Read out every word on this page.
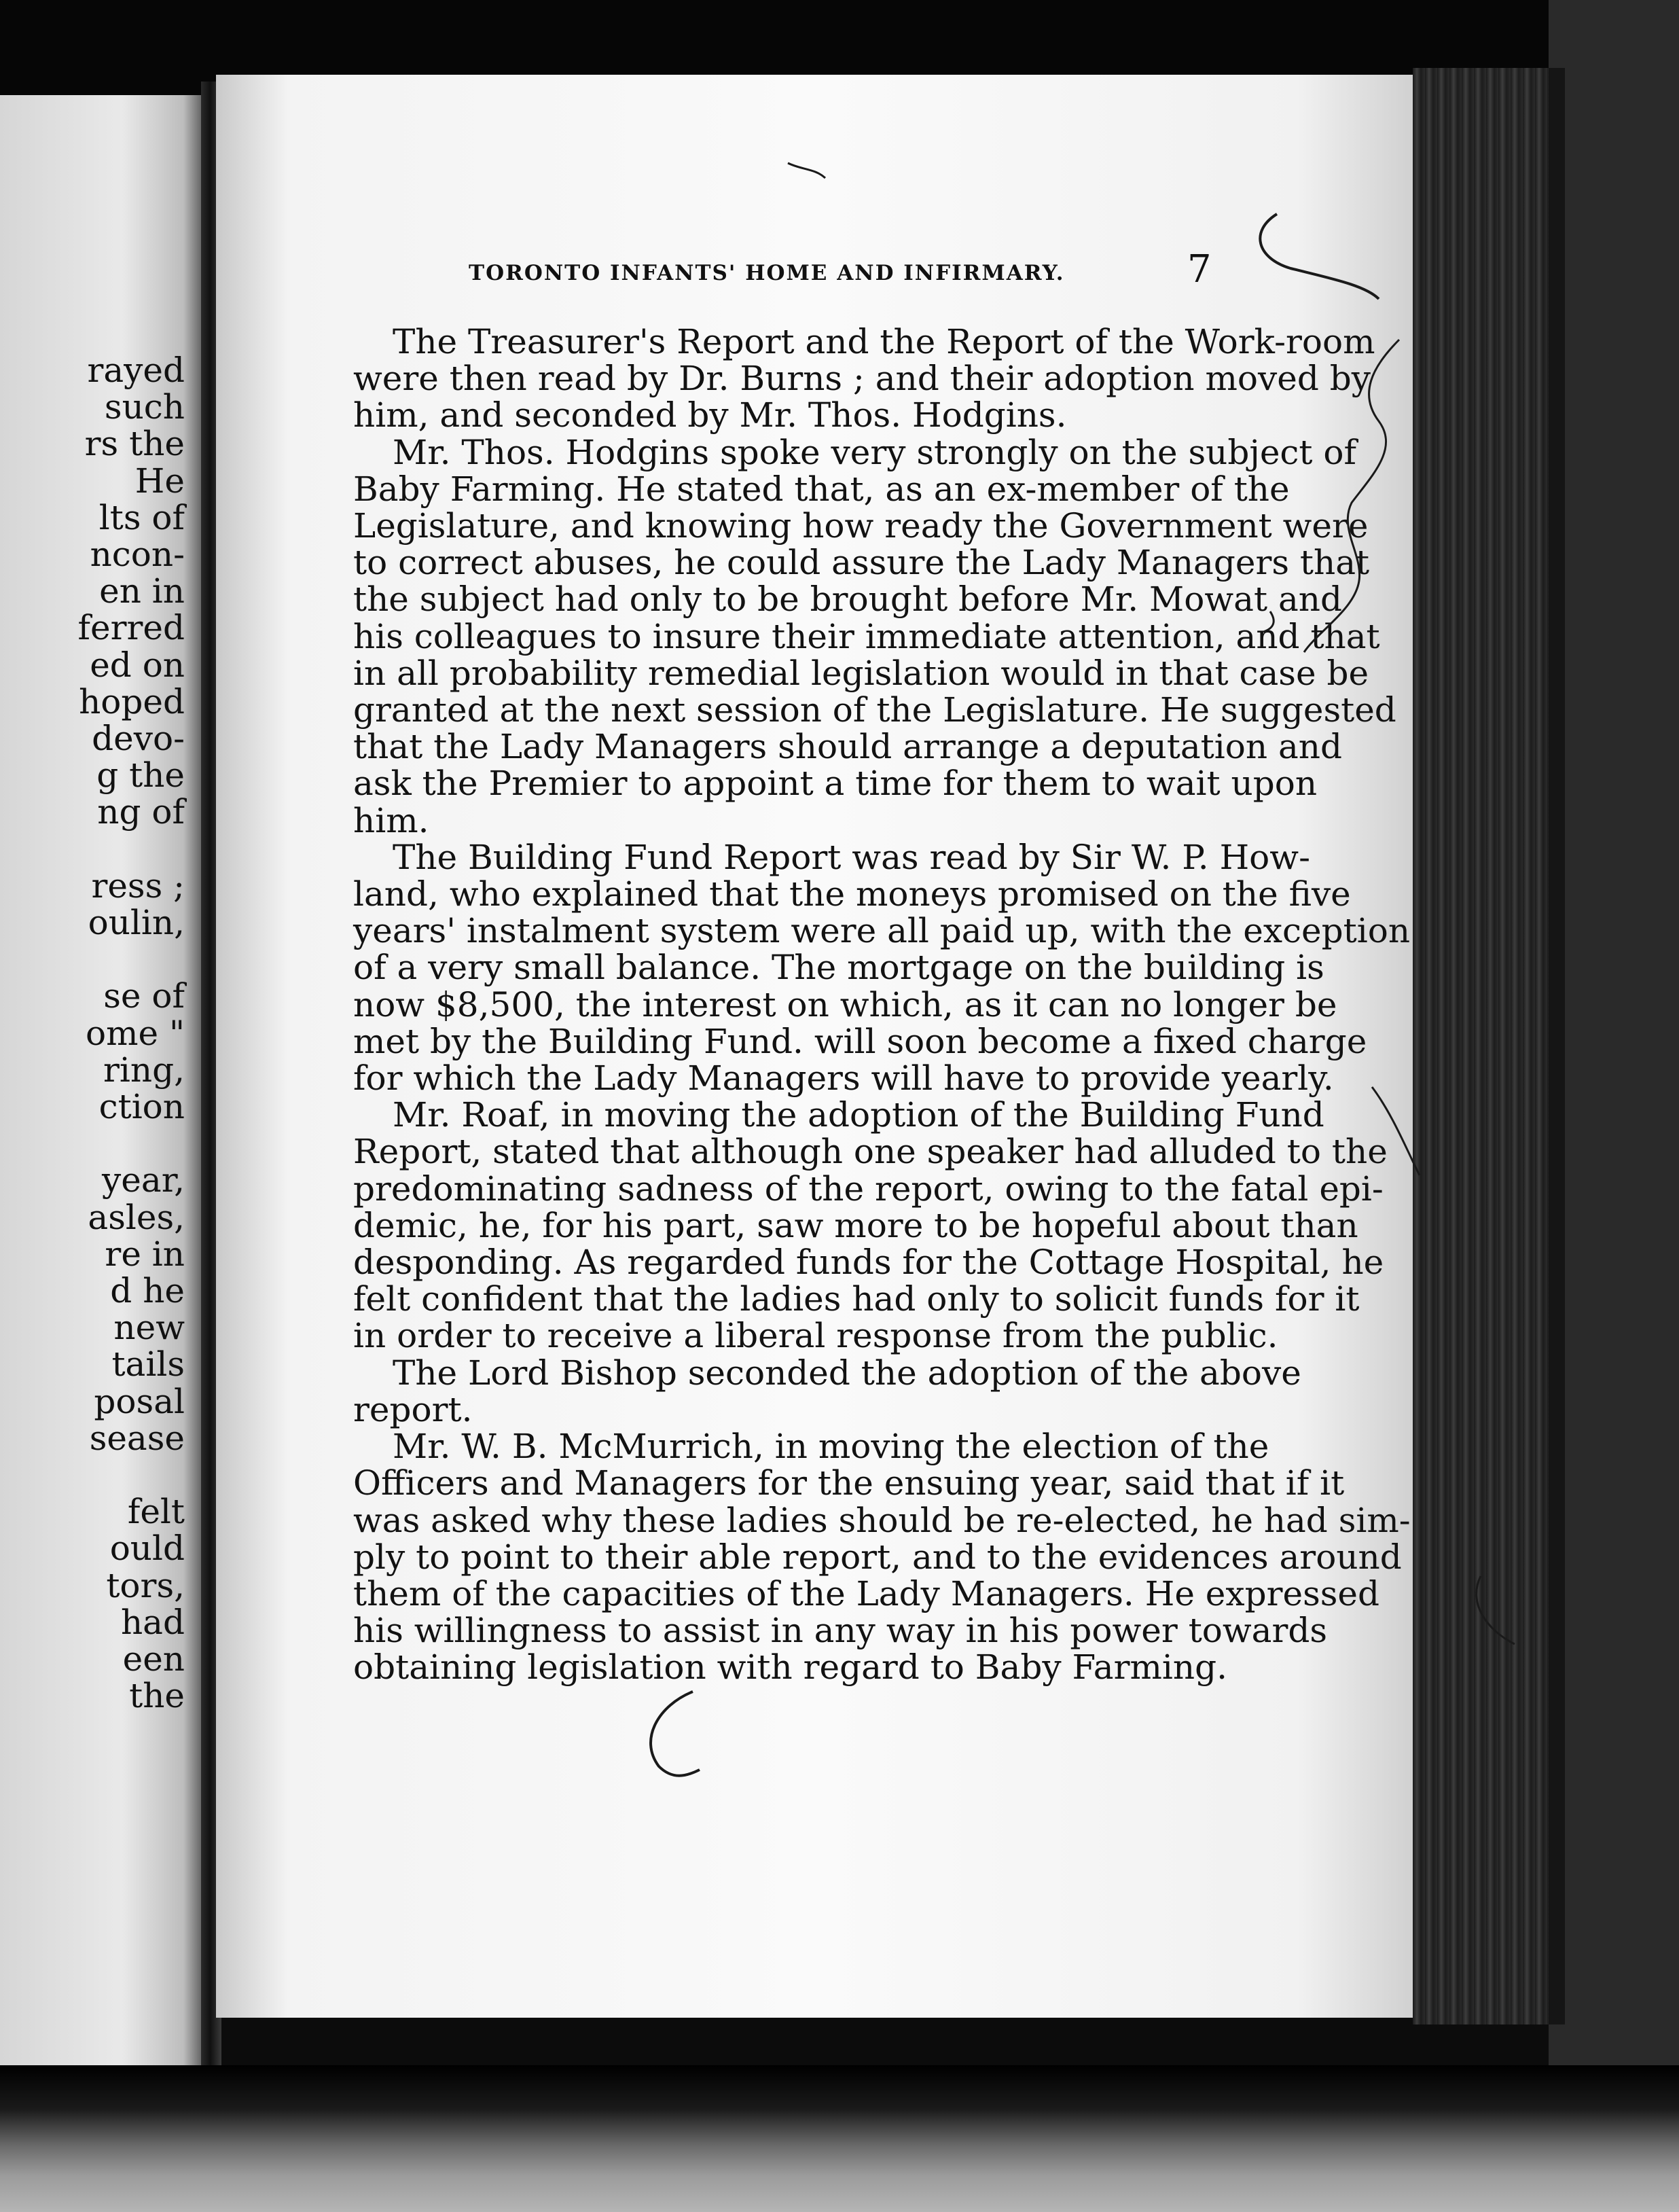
rayed
such
rs the
He
lts of
ncon-
en in
ferred
ed on
hoped
devo-
g the
ng of
ress ;
oulin,
se of
ome "
ring,
ction
year,
asles,
re in
d he
new
tails
posal
sease
felt
ould
tors,
had
een
the
TORONTO INFANTS' HOME AND INFIRMARY.	7

The Treasurer's Report and the Report of the Work-room
were then read by Dr. Burns ; and their adoption moved by
him, and seconded by Mr. Thos. Hodgins.

Mr. Thos. Hodgins spoke very strongly on the subject of
Baby Farming. He stated that, as an ex-member of the
Legislature, and knowing how ready the Government were
to correct abuses, he could assure the Lady Managers that
the subject had only to be brought before Mr. Mowat and
his colleagues to insure their immediate attention, and that
in all probability remedial legislation would in that case be
granted at the next session of the Legislature. He suggested
that the Lady Managers should arrange a deputation and
ask the Premier to appoint a time for them to wait upon
him.

The Building Fund Report was read by Sir W. P. How-
land, who explained that the moneys promised on the five
years' instalment system were all paid up, with the exception
of a very small balance. The mortgage on the building is
now $8,500, the interest on which, as it can no longer be
met by the Building Fund. will soon become a fixed charge
for which the Lady Managers will have to provide yearly.

Mr. Roaf, in moving the adoption of the Building Fund
Report, stated that although one speaker had alluded to the
predominating sadness of the report, owing to the fatal epi-
demic, he, for his part, saw more to be hopeful about than
desponding. As regarded funds for the Cottage Hospital, he
felt confident that the ladies had only to solicit funds for it
in order to receive a liberal response from the public.

The Lord Bishop seconded the adoption of the above
report.

Mr. W. B. McMurrich, in moving the election of the
Officers and Managers for the ensuing year, said that if it
was asked why these ladies should be re-elected, he had sim-
ply to point to their able report, and to the evidences around
them of the capacities of the Lady Managers. He expressed
his willingness to assist in any way in his power towards
obtaining legislation with regard to Baby Farming.
